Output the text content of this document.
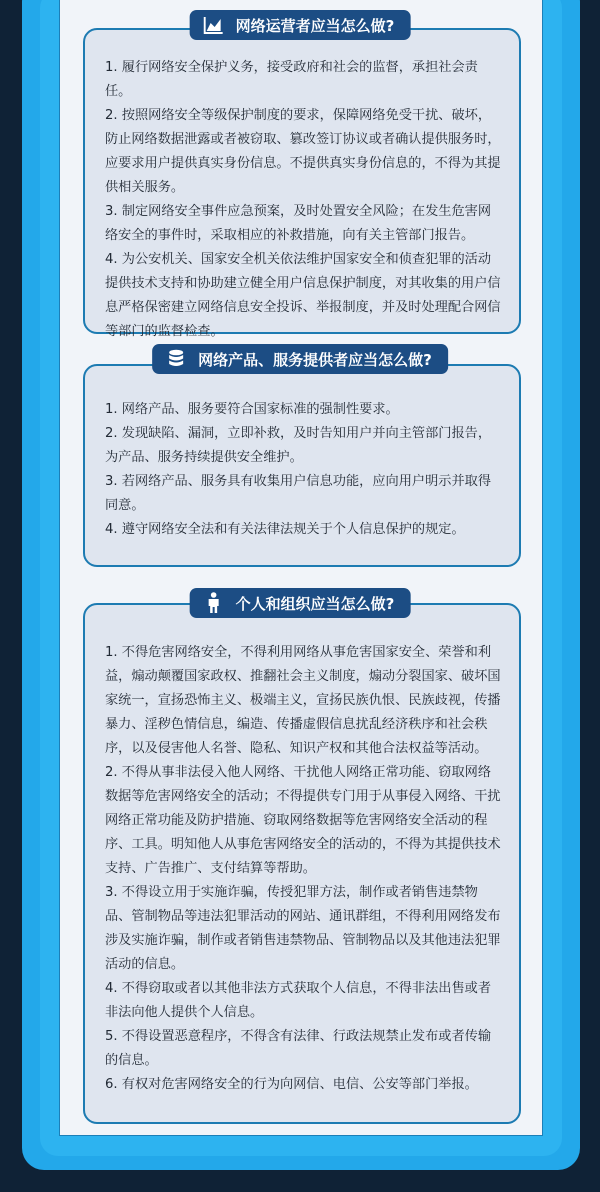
1. 履行网络安全保护义务，接受政府和社会的监督，承担社会责任。

2. 按照网络安全等级保护制度的要求，保障网络免受干扰、破坏，防止网络数据泄露或者被窃取、篡改签订协议或者确认提供服务时，应要求用户提供真实身份信息。不提供真实身份信息的，不得为其提供相关服务。

3. 制定网络安全事件应急预案，及时处置安全风险；在发生危害网络安全的事件时，采取相应的补救措施，向有关主管部门报告。

4. 为公安机关、国家安全机关依法维护国家安全和侦查犯罪的活动提供技术支持和协助建立健全用户信息保护制度，对其收集的用户信息严格保密建立网络信息安全投诉、举报制度，并及时处理配合网信等部门的监督检查。

网络运营者应当怎么做?

1. 网络产品、服务要符合国家标准的强制性要求。

2. 发现缺陷、漏洞，立即补救，及时告知用户并向主管部门报告，为产品、服务持续提供安全维护。

3. 若网络产品、服务具有收集用户信息功能，应向用户明示并取得同意。

4. 遵守网络安全法和有关法律法规关于个人信息保护的规定。

网络产品、服务提供者应当怎么做?

1. 不得危害网络安全，不得利用网络从事危害国家安全、荣誉和利益，煽动颠覆国家政权、推翻社会主义制度，煽动分裂国家、破坏国家统一，宣扬恐怖主义、极端主义，宣扬民族仇恨、民族歧视，传播暴力、淫秽色情信息，编造、传播虚假信息扰乱经济秩序和社会秩序，以及侵害他人名誉、隐私、知识产权和其他合法权益等活动。

2. 不得从事非法侵入他人网络、干扰他人网络正常功能、窃取网络数据等危害网络安全的活动；不得提供专门用于从事侵入网络、干扰网络正常功能及防护措施、窃取网络数据等危害网络安全活动的程序、工具。明知他人从事危害网络安全的活动的，不得为其提供技术支持、广告推广、支付结算等帮助。

3. 不得设立用于实施诈骗，传授犯罪方法，制作或者销售违禁物品、管制物品等违法犯罪活动的网站、通讯群组，不得利用网络发布涉及实施诈骗，制作或者销售违禁物品、管制物品以及其他违法犯罪活动的信息。

4. 不得窃取或者以其他非法方式获取个人信息，不得非法出售或者非法向他人提供个人信息。

5. 不得设置恶意程序，不得含有法律、行政法规禁止发布或者传输的信息。

6. 有权对危害网络安全的行为向网信、电信、公安等部门举报。

个人和组织应当怎么做?
